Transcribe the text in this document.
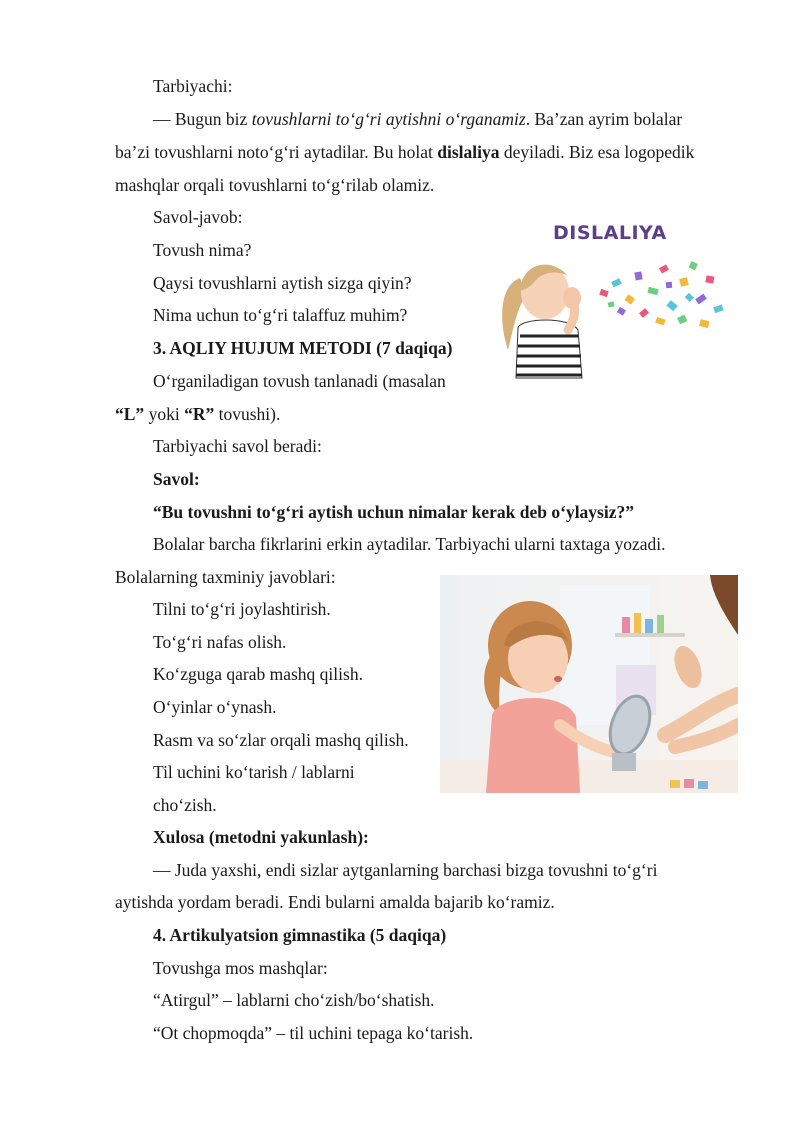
Tarbiyachi:
— Bugun biz tovushlarni to‘g‘ri aytishni o‘rganamiz. Ba’zan ayrim bolalar
ba’zi tovushlarni noto‘g‘ri aytadilar. Bu holat dislaliya deyiladi. Biz esa logopedik
mashqlar orqali tovushlarni to‘g‘rilab olamiz.
Savol-javob:
Tovush nima?
Qaysi tovushlarni aytish sizga qiyin?
Nima uchun to‘g‘ri talaffuz muhim?
3. AQLIY HUJUM METODI (7 daqiqa)
O‘rganiladigan tovush tanlanadi (masalan
“L” yoki “R” tovushi).
Tarbiyachi savol beradi:
Savol:
“Bu tovushni to‘g‘ri aytish uchun nimalar kerak deb o‘ylaysiz?”
Bolalar barcha fikrlarini erkin aytadilar. Tarbiyachi ularni taxtaga yozadi.
Bolalarning taxminiy javoblari:
Tilni to‘g‘ri joylashtirish.
To‘g‘ri nafas olish.
Ko‘zguga qarab mashq qilish.
O‘yinlar o‘ynash.
Rasm va so‘zlar orqali mashq qilish.
Til uchini ko‘tarish / lablarni
cho‘zish.
Xulosa (metodni yakunlash):
— Juda yaxshi, endi sizlar aytganlarning barchasi bizga tovushni to‘g‘ri
aytishda yordam beradi. Endi bularni amalda bajarib ko‘ramiz.
4. Artikulyatsion gimnastika (5 daqiqa)
Tovushga mos mashqlar:
“Atirgul” – lablarni cho‘zish/bo‘shatish.
“Ot chopmoqda” – til uchini tepaga ko‘tarish.
DISLALIYA
